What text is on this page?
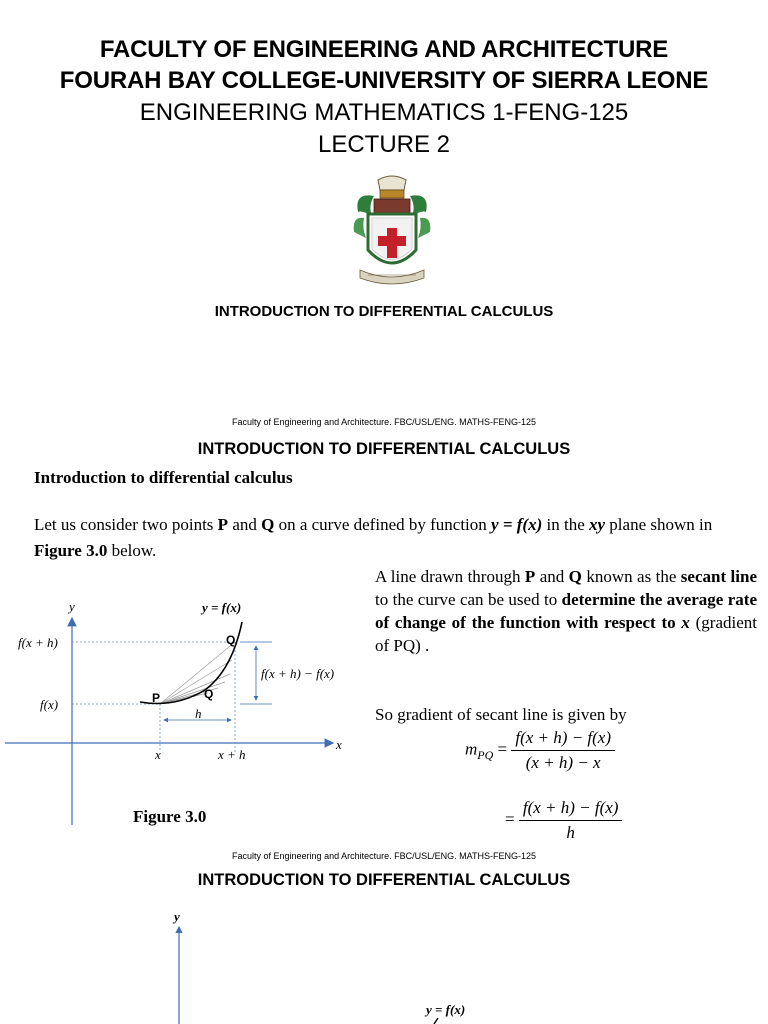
FACULTY OF ENGINEERING AND ARCHITECTURE
FOURAH BAY COLLEGE-UNIVERSITY OF SIERRA LEONE
ENGINEERING MATHEMATICS 1-FENG-125
LECTURE 2
INTRODUCTION TO DIFFERENTIAL CALCULUS
Faculty of Engineering and Architecture. FBC/USL/ENG. MATHS-FENG-125
INTRODUCTION TO DIFFERENTIAL CALCULUS
Introduction to differential calculus
Let us consider two points P and Q on a curve defined by function y = f(x) in the xy plane shown in Figure 3.0 below.
A line drawn through P and Q known as the secant line to the curve can be used to determine the average rate of change of the function with respect to x (gradient of PQ) .
So gradient of secant line is given by
$m_{PQ} = \frac{f(x + h) - f(x)}{(x + h) - x}$
= $\frac{f(x + h) - f(x)}{h}$
y
x
y = f(x)
f(x + h)
f(x)
f(x + h) − f(x)
h
x	x + h
P
Q
Q
Figure 3.0
Faculty of Engineering and Architecture. FBC/USL/ENG. MATHS-FENG-125
INTRODUCTION TO DIFFERENTIAL CALCULUS
y
y = f(x)
